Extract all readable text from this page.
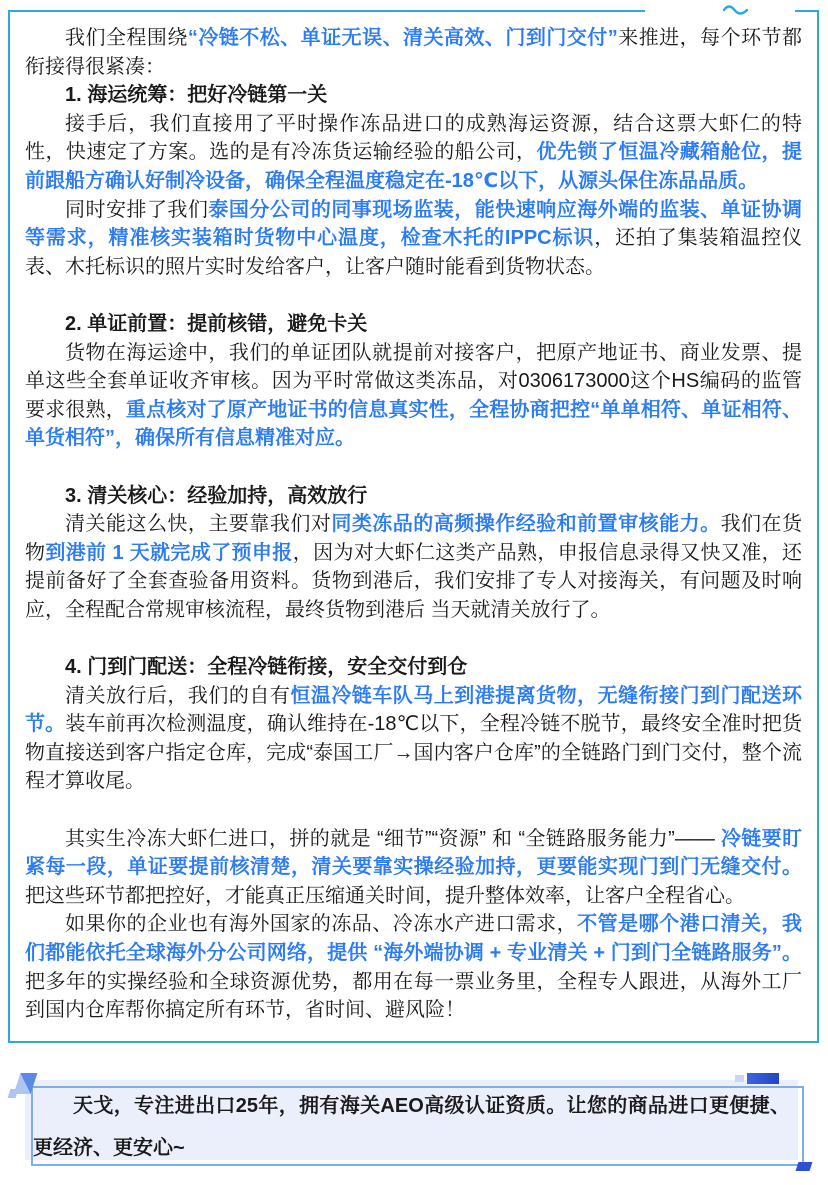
我们全程围绕“冷链不松、单证无误、清关高效、门到门交付”来推进，每个环节都衔接得很紧凑：

1. 海运统筹：把好冷链第一关

接手后，我们直接用了平时操作冻品进口的成熟海运资源，结合这票大虾仁的特性，快速定了方案。选的是有冷冻货运输经验的船公司，优先锁了恒温冷藏箱舱位，提前跟船方确认好制冷设备，确保全程温度稳定在-18℃以下，从源头保住冻品品质。

同时安排了我们泰国分公司的同事现场监装，能快速响应海外端的监装、单证协调等需求，精准核实装箱时货物中心温度，检查木托的IPPC标识，还拍了集装箱温控仪表、木托标识的照片实时发给客户，让客户随时能看到货物状态。

2. 单证前置：提前核错，避免卡关

货物在海运途中，我们的单证团队就提前对接客户，把原产地证书、商业发票、提单这些全套单证收齐审核。因为平时常做这类冻品，对0306173000这个HS编码的监管要求很熟，重点核对了原产地证书的信息真实性，全程协商把控“单单相符、单证相符、单货相符”，确保所有信息精准对应。

3. 清关核心：经验加持，高效放行

清关能这么快，主要靠我们对同类冻品的高频操作经验和前置审核能力。我们在货物到港前 1 天就完成了预申报，因为对大虾仁这类产品熟，申报信息录得又快又准，还提前备好了全套查验备用资料。货物到港后，我们安排了专人对接海关，有问题及时响应，全程配合常规审核流程，最终货物到港后 当天就清关放行了。

4. 门到门配送：全程冷链衔接，安全交付到仓

清关放行后，我们的自有恒温冷链车队马上到港提离货物，无缝衔接门到门配送环节。装车前再次检测温度，确认维持在-18℃以下，全程冷链不脱节，最终安全准时把货物直接送到客户指定仓库，完成“泰国工厂→国内客户仓库”的全链路门到门交付，整个流程才算收尾。

其实生冷冻大虾仁进口，拼的就是 “细节”“资源” 和 “全链路服务能力”—— 冷链要盯紧每一段，单证要提前核清楚，清关要靠实操经验加持，更要能实现门到门无缝交付。把这些环节都把控好，才能真正压缩通关时间，提升整体效率，让客户全程省心。

如果你的企业也有海外国家的冻品、冷冻水产进口需求，不管是哪个港口清关，我们都能依托全球海外分公司网络，提供 “海外端协调 + 专业清关 + 门到门全链路服务”。把多年的实操经验和全球资源优势，都用在每一票业务里，全程专人跟进，从海外工厂到国内仓库帮你搞定所有环节，省时间、避风险！

天戈，专注进出口25年，拥有海关AEO高级认证资质。让您的商品进口更便捷、更经济、更安心~
